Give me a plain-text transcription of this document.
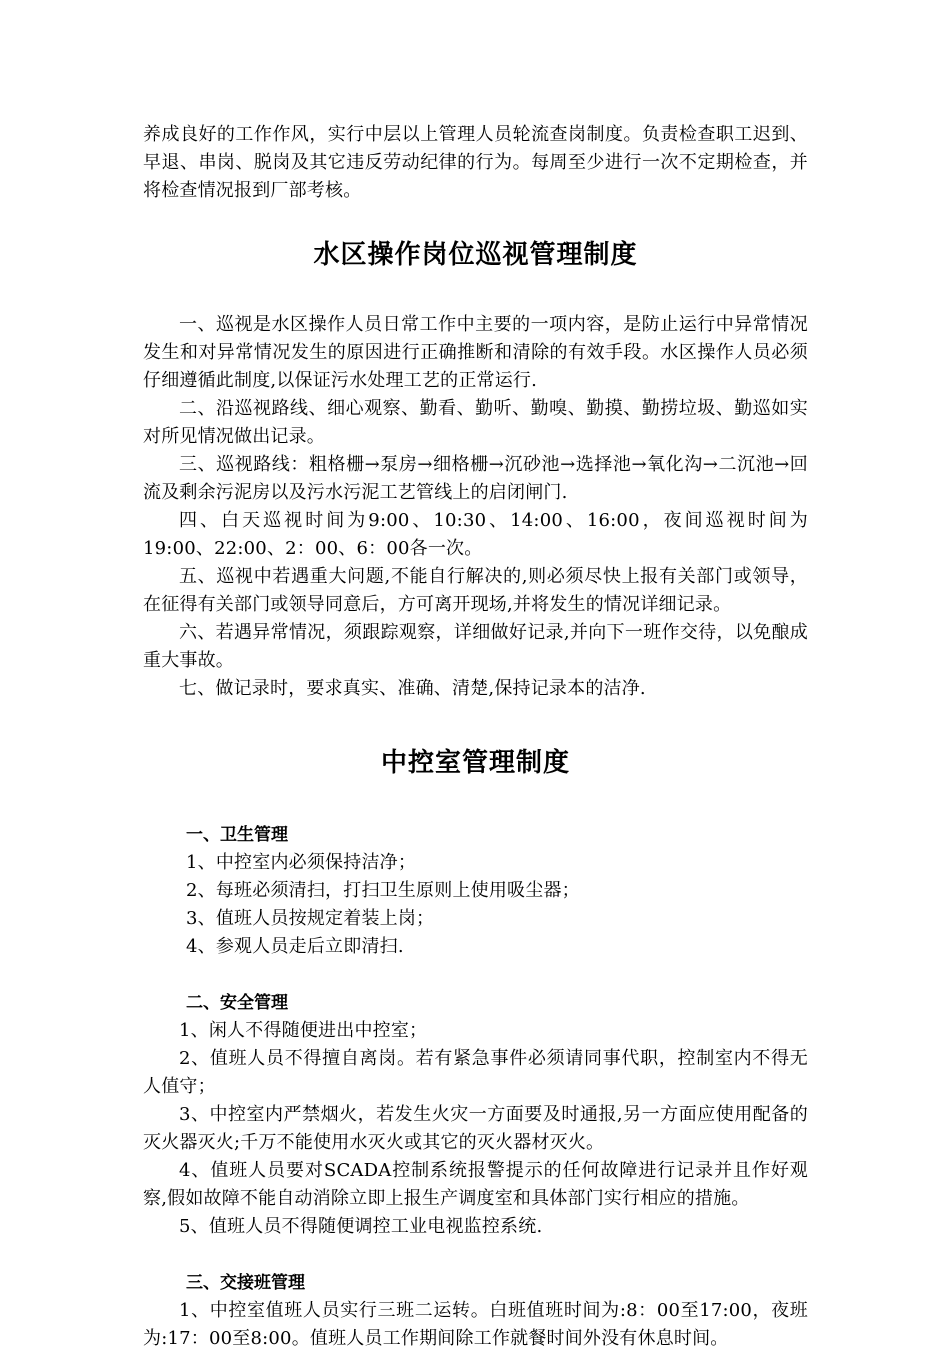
养成良好的工作作风，实行中层以上管理人员轮流查岗制度。负责检查职工迟到、早退、串岗、脱岗及其它违反劳动纪律的行为。每周至少进行一次不定期检查，并将检查情况报到厂部考核。

水区操作岗位巡视管理制度

一、巡视是水区操作人员日常工作中主要的一项内容，是防止运行中异常情况发生和对异常情况发生的原因进行正确推断和清除的有效手段。水区操作人员必须仔细遵循此制度,以保证污水处理工艺的正常运行.

二、沿巡视路线、细心观察、勤看、勤听、勤嗅、勤摸、勤捞垃圾、勤巡如实对所见情况做出记录。

三、巡视路线：粗格栅→泵房→细格栅→沉砂池→选择池→氧化沟→二沉池→回流及剩余污泥房以及污水污泥工艺管线上的启闭闸门.

四、白天巡视时间为9:00、10:30、14:00、16:00，夜间巡视时间为19:00、22:00、2：00、6：00各一次。

五、巡视中若遇重大问题,不能自行解决的,则必须尽快上报有关部门或领导，在征得有关部门或领导同意后，方可离开现场,并将发生的情况详细记录。

六、若遇异常情况，须跟踪观察，详细做好记录,并向下一班作交待，以免酿成重大事故。

七、做记录时，要求真实、准确、清楚,保持记录本的洁净.

中控室管理制度
一、卫生管理

1、中控室内必须保持洁净；

2、每班必须清扫，打扫卫生原则上使用吸尘器；

3、值班人员按规定着装上岗；

4、参观人员走后立即清扫.

二、安全管理

1、闲人不得随便进出中控室；

2、值班人员不得擅自离岗。若有紧急事件必须请同事代职，控制室内不得无人值守；

3、中控室内严禁烟火，若发生火灾一方面要及时通报,另一方面应使用配备的灭火器灭火;千万不能使用水灭火或其它的灭火器材灭火。

4、值班人员要对SCADA控制系统报警提示的任何故障进行记录并且作好观察,假如故障不能自动消除立即上报生产调度室和具体部门实行相应的措施。

5、值班人员不得随便调控工业电视监控系统.

三、交接班管理

1、中控室值班人员实行三班二运转。白班值班时间为:8：00至17:00，夜班为:17：00至8:00。值班人员工作期间除工作就餐时间外没有休息时间。
